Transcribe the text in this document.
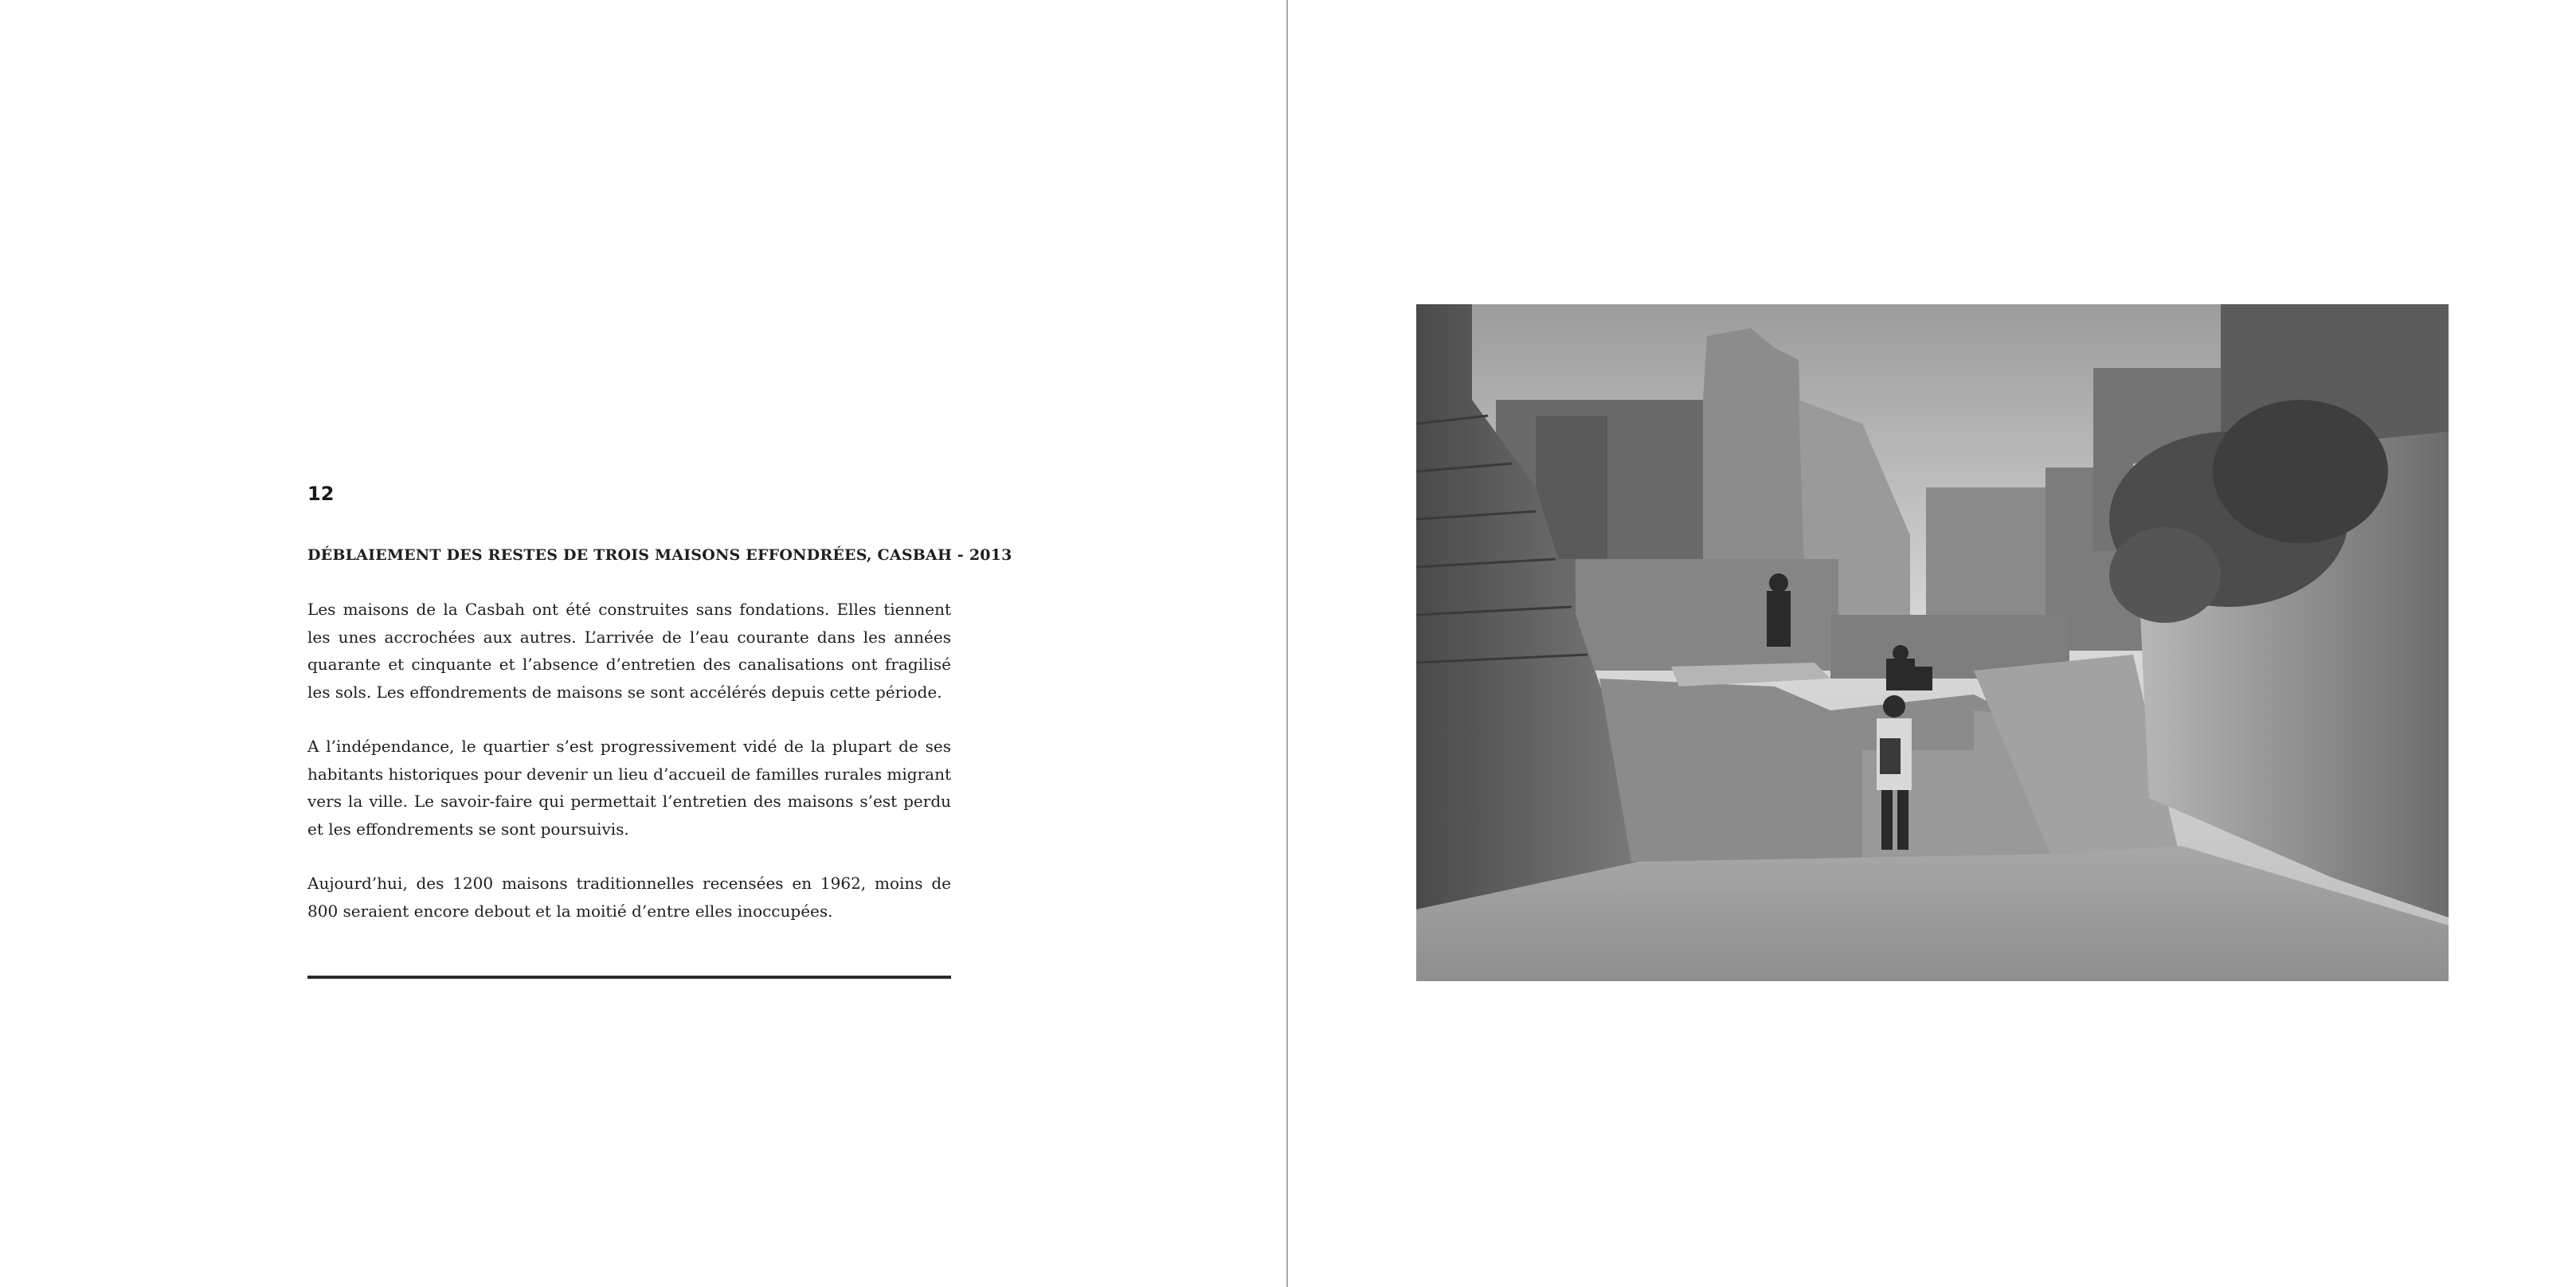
12
DÉBLAIEMENT DES RESTES DE TROIS MAISONS EFFONDRÉES, CASBAH - 2013

Les maisons de la Casbah ont été construites sans fondations. Elles tiennent les unes accrochées aux autres. L’arrivée de l’eau courante dans les années quarante et cinquante et l’absence d’entretien des canalisations ont fragilisé les sols. Les effondrements de maisons se sont accélérés depuis cette période.

A l’indépendance, le quartier s’est progressivement vidé de la plupart de ses habitants historiques pour devenir un lieu d’accueil de familles rurales migrant vers la ville. Le savoir-faire qui permettait l’entretien des maisons s’est perdu et les effondrements se sont poursuivis.

Aujourd’hui, des 1200 maisons traditionnelles recensées en 1962, moins de 800 seraient encore debout et la moitié d’entre elles inoccupées.
